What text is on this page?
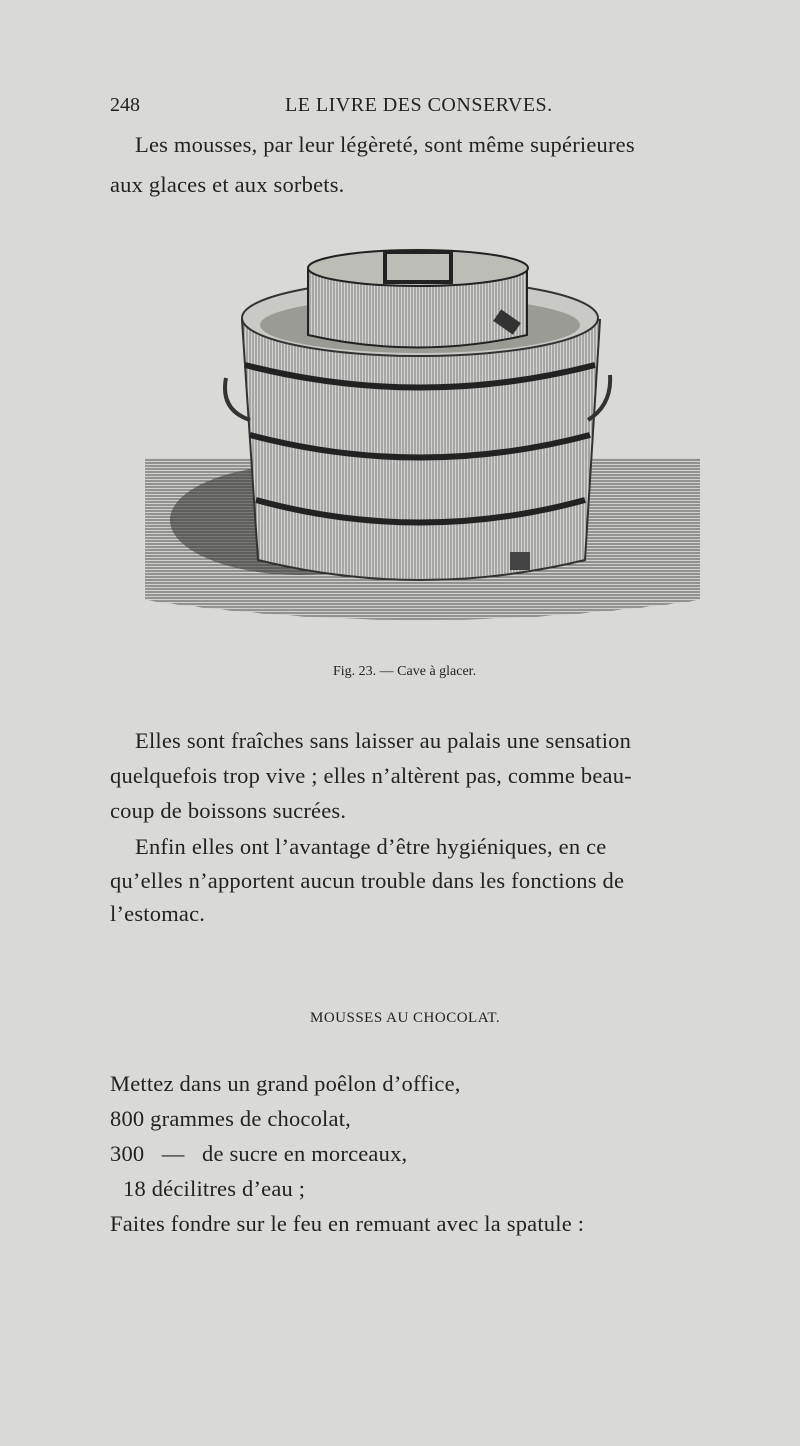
248	LE LIVRE DES CONSERVES.
Les mousses, par leur légèreté, sont même supérieures
aux glaces et aux sorbets.
Fig. 23. — Cave à glacer.
Elles sont fraîches sans laisser au palais une sensation
quelquefois trop vive ; elles n’altèrent pas, comme beau-
coup de boissons sucrées.
Enfin elles ont l’avantage d’être hygiéniques, en ce
qu’elles n’apportent aucun trouble dans les fonctions de
l’estomac.
MOUSSES AU CHOCOLAT.
Mettez dans un grand poêlon d’office,
800 grammes de chocolat,
300   —   de sucre en morceaux,
18 décilitres d’eau ;
Faites fondre sur le feu en remuant avec la spatule :
